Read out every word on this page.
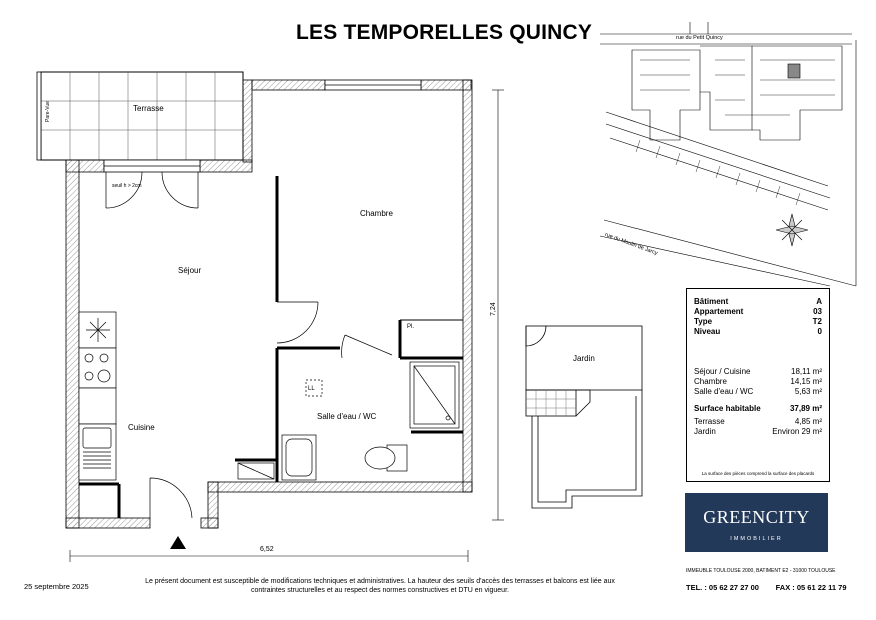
LES TEMPORELLES QUINCY
Terrasse
Chambre
Séjour
Cuisine
Salle d'eau / WC
Jardin
Pl.
LL
seuil h > 2cm
Pare-Vue
6,52
7,24
rue du Petit Quincy
rue du Moulin de Jarcy
Bâtiment	A
Appartement	03
Type	T2
Niveau	0
Séjour / Cuisine	18,11 m²
Chambre	14,15 m²
Salle d'eau / WC	5,63 m²
Surface habitable	37,89 m²
Terrasse	4,85 m²
Jardin	Environ 29 m²
La surface des pièces comprend la surface des placards
GREENCITY
IMMOBILIER
IMMEUBLE TOULOUSE 2000, BATIMENT E2 - 31000 TOULOUSE
TEL. : 05 62 27 27 00        FAX : 05 61 22 11 79
25 septembre 2025
Le présent document est susceptible de modifications techniques et administratives. La hauteur des seuils d'accès des terrasses et balcons est liée aux
contraintes structurelles et au respect des normes constructives et DTU en vigueur.
